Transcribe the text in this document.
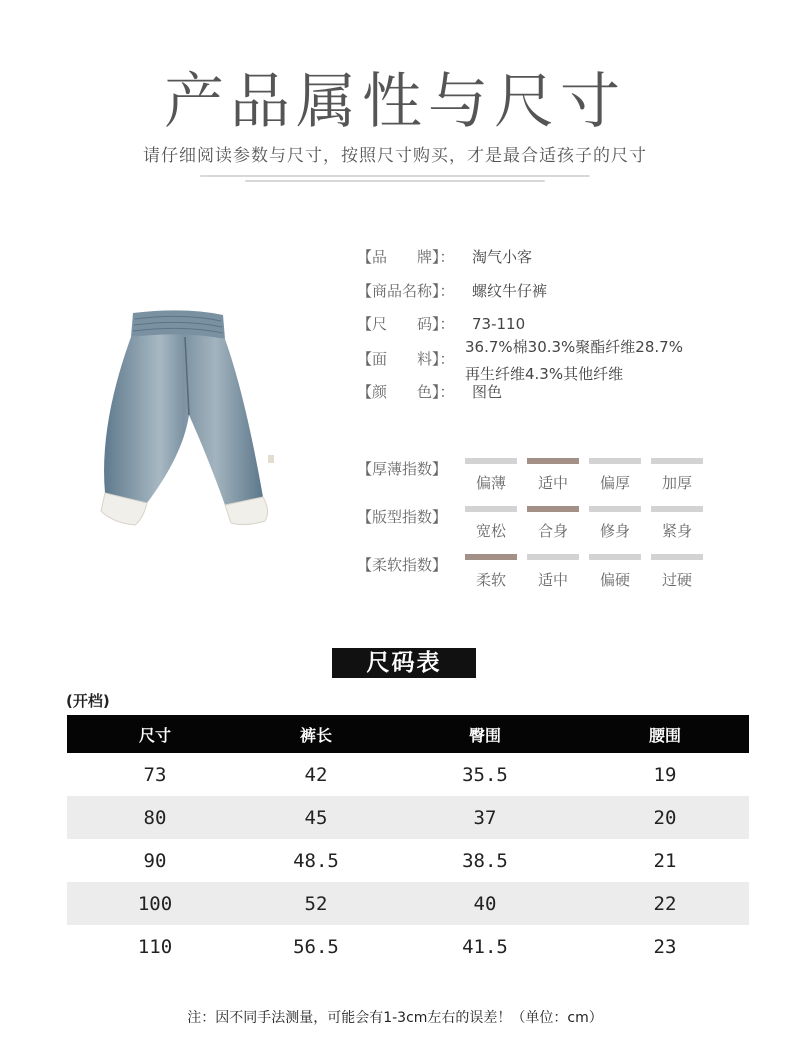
产品属性与尺寸
请仔细阅读参数与尺寸，按照尺寸购买，才是最合适孩子的尺寸
【品　　牌】： 淘气小客
【商品名称】： 螺纹牛仔裤
【尺　　码】： 73-110
【面　　料】：
36.7%棉30.3%聚酯纤维28.7%
再生纤维4.3%其他纤维
【颜　　色】： 图色
【厚薄指数】
偏薄	适中	偏厚	加厚
【版型指数】
宽松	合身	修身	紧身
【柔软指数】
柔软	适中	偏硬	过硬
尺码表
(开档)
尺寸	裤长	臀围	腰围
73	42	35.5	19
80	45	37	20
90	48.5	38.5	21
100	52	40	22
110	56.5	41.5	23
注：因不同手法测量，可能会有1-3cm左右的误差！（单位：cm）
